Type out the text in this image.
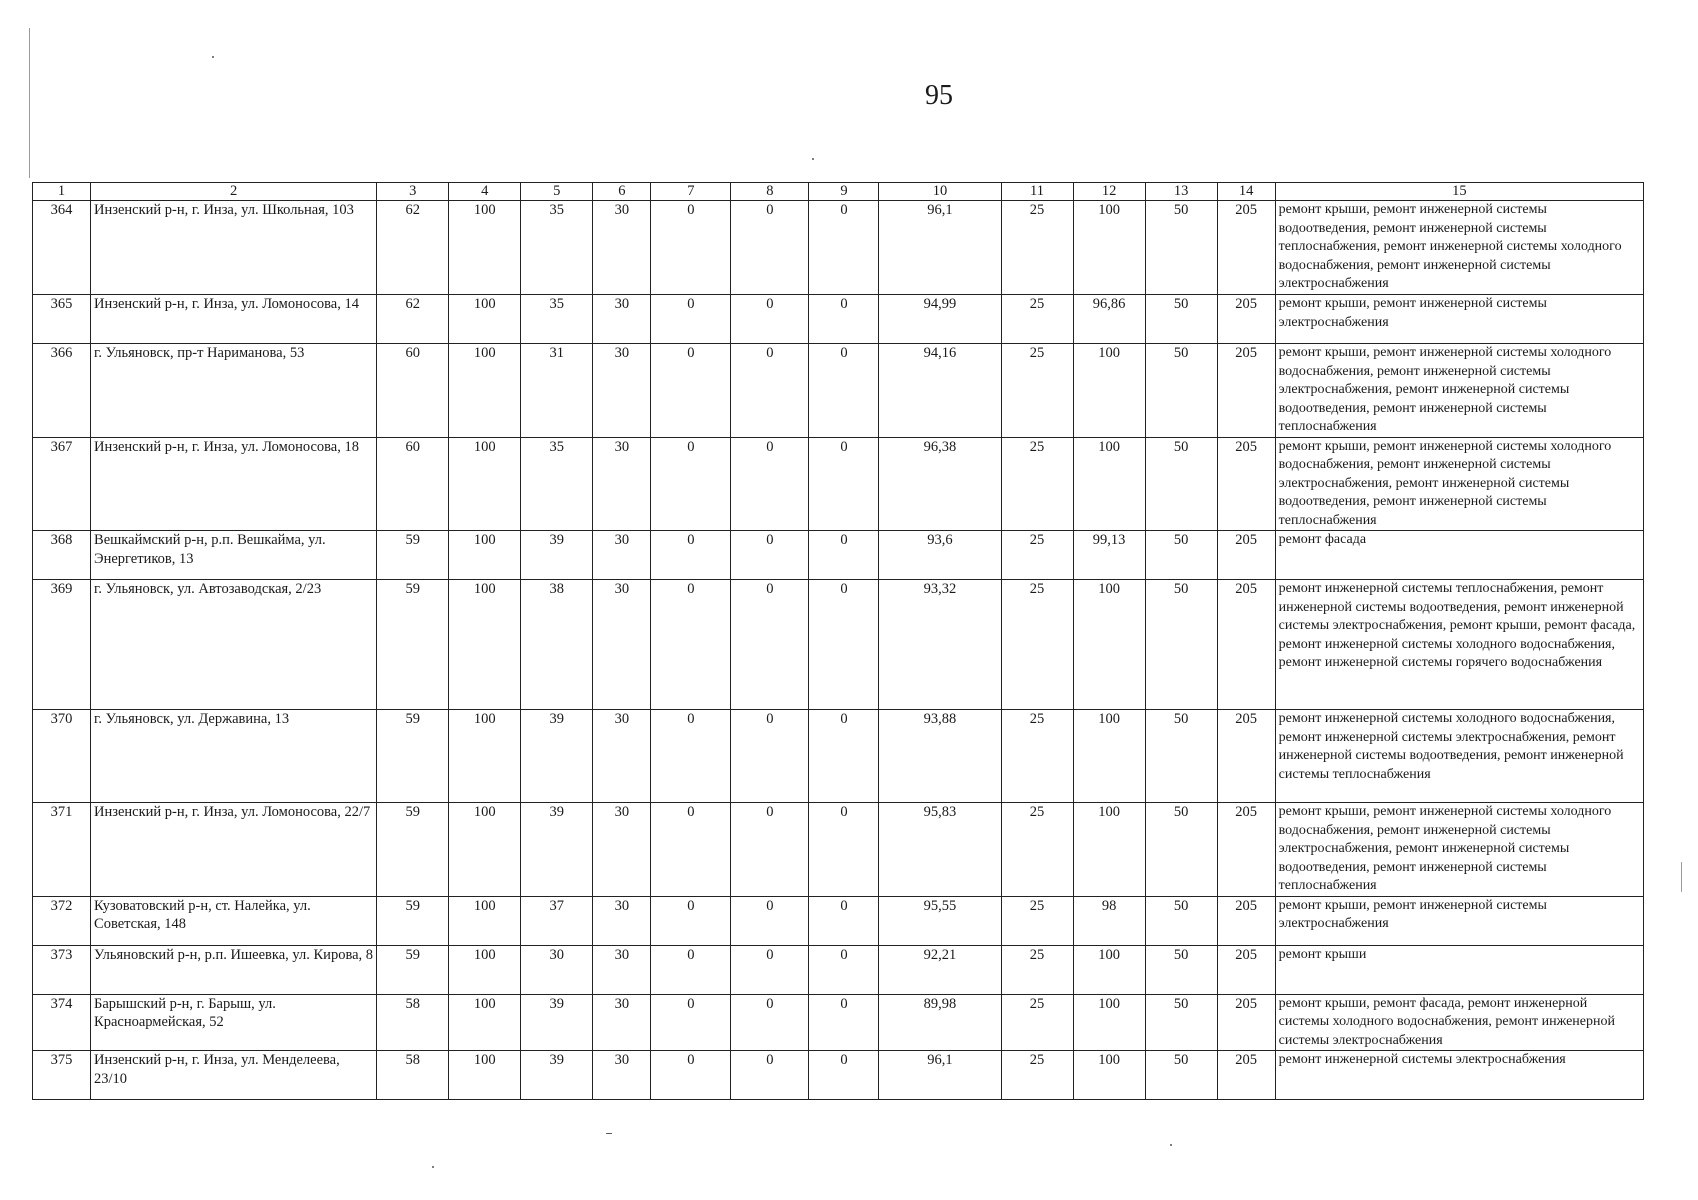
95
1	2	3	4	5	6	7	8	9	10	11	12	13	14	15
364	Инзенский р-н, г. Инза, ул. Школьная, 103	62	100	35	30	0	0	0	96,1	25	100	50	205	ремонт крыши, ремонт инженерной системы водоотведения, ремонт инженерной системы теплоснабжения, ремонт инженерной системы холодного водоснабжения, ремонт инженерной системы электроснабжения
365	Инзенский р-н, г. Инза, ул. Ломоносова, 14	62	100	35	30	0	0	0	94,99	25	96,86	50	205	ремонт крыши, ремонт инженерной системы электроснабжения
366	г. Ульяновск, пр-т Нариманова, 53	60	100	31	30	0	0	0	94,16	25	100	50	205	ремонт крыши, ремонт инженерной системы холодного водоснабжения, ремонт инженерной системы электроснабжения, ремонт инженерной системы водоотведения, ремонт инженерной системы теплоснабжения
367	Инзенский р-н, г. Инза, ул. Ломоносова, 18	60	100	35	30	0	0	0	96,38	25	100	50	205	ремонт крыши, ремонт инженерной системы холодного водоснабжения, ремонт инженерной системы электроснабжения, ремонт инженерной системы водоотведения, ремонт инженерной системы теплоснабжения
368	Вешкаймский р-н, р.п. Вешкайма, ул. Энергетиков, 13	59	100	39	30	0	0	0	93,6	25	99,13	50	205	ремонт фасада
369	г. Ульяновск, ул. Автозаводская, 2/23	59	100	38	30	0	0	0	93,32	25	100	50	205	ремонт инженерной системы теплоснабжения, ремонт инженерной системы водоотведения, ремонт инженерной системы электроснабжения, ремонт крыши, ремонт фасада, ремонт инженерной системы холодного водоснабжения, ремонт инженерной системы горячего водоснабжения
370	г. Ульяновск, ул. Державина, 13	59	100	39	30	0	0	0	93,88	25	100	50	205	ремонт инженерной системы холодного водоснабжения, ремонт инженерной системы электроснабжения, ремонт инженерной системы водоотведения, ремонт инженерной системы теплоснабжения
371	Инзенский р-н, г. Инза, ул. Ломоносова, 22/7	59	100	39	30	0	0	0	95,83	25	100	50	205	ремонт крыши, ремонт инженерной системы холодного водоснабжения, ремонт инженерной системы электроснабжения, ремонт инженерной системы водоотведения, ремонт инженерной системы теплоснабжения
372	Кузоватовский р-н, ст. Налейка, ул. Советская, 148	59	100	37	30	0	0	0	95,55	25	98	50	205	ремонт крыши, ремонт инженерной системы электроснабжения
373	Ульяновский р-н, р.п. Ишеевка, ул. Кирова, 8	59	100	30	30	0	0	0	92,21	25	100	50	205	ремонт крыши
374	Барышский р-н, г. Барыш, ул. Красноармейская, 52	58	100	39	30	0	0	0	89,98	25	100	50	205	ремонт крыши, ремонт фасада, ремонт инженерной системы холодного водоснабжения, ремонт инженерной системы электроснабжения
375	Инзенский р-н, г. Инза, ул. Менделеева, 23/10	58	100	39	30	0	0	0	96,1	25	100	50	205	ремонт инженерной системы электроснабжения
